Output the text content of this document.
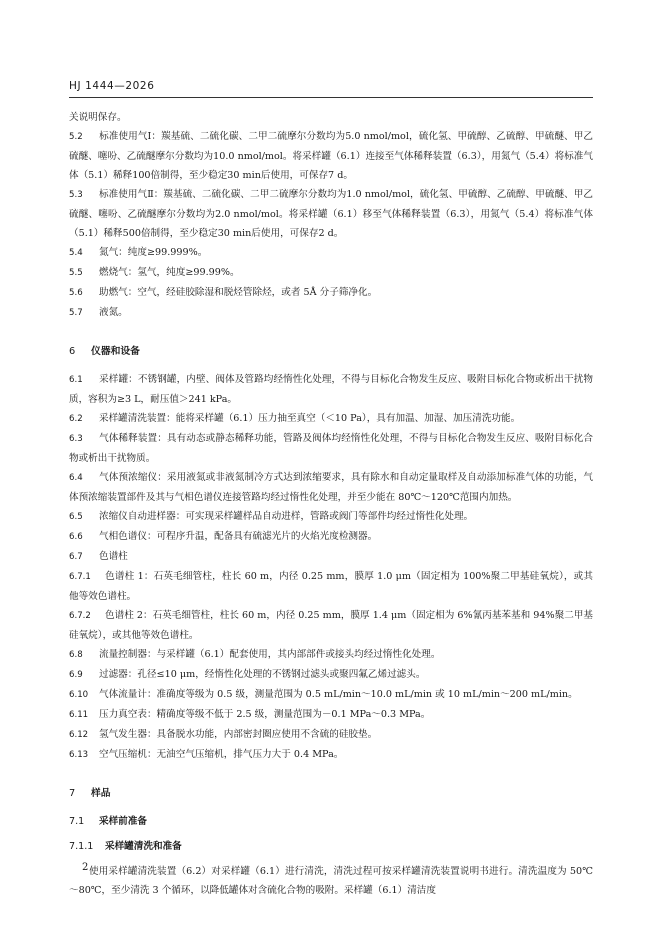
HJ 1444—2026

关说明保存。

5.2 标准使用气Ⅰ：羰基硫、二硫化碳、二甲二硫摩尔分数均为5.0 nmol/mol，硫化氢、甲硫醇、乙硫醇、甲硫醚、甲乙硫醚、噻吩、乙硫醚摩尔分数均为10.0 nmol/mol。将采样罐（6.1）连接至气体稀释装置（6.3），用氮气（5.4）将标准气体（5.1）稀释100倍制得，至少稳定30 min后使用，可保存7 d。

5.3 标准使用气Ⅱ：羰基硫、二硫化碳、二甲二硫摩尔分数均为1.0 nmol/mol，硫化氢、甲硫醇、乙硫醇、甲硫醚、甲乙硫醚、噻吩、乙硫醚摩尔分数均为2.0 nmol/mol。将采样罐（6.1）移至气体稀释装置（6.3），用氮气（5.4）将标准气体（5.1）稀释500倍制得，至少稳定30 min后使用，可保存2 d。

5.4 氮气：纯度≥99.999%。

5.5 燃烧气：氢气，纯度≥99.99%。

5.6 助燃气：空气，经硅胶除湿和脱烃管除烃，或者 5Å 分子筛净化。

5.7 液氮。

6 仪器和设备

6.1 采样罐：不锈钢罐，内壁、阀体及管路均经惰性化处理，不得与目标化合物发生反应、吸附目标化合物或析出干扰物质，容积为≥3 L，耐压值＞241 kPa。

6.2 采样罐清洗装置：能将采样罐（6.1）压力抽至真空（＜10 Pa），具有加温、加湿、加压清洗功能。

6.3 气体稀释装置：具有动态或静态稀释功能，管路及阀体均经惰性化处理，不得与目标化合物发生反应、吸附目标化合物或析出干扰物质。

6.4 气体预浓缩仪：采用液氮或非液氮制冷方式达到浓缩要求，具有除水和自动定量取样及自动添加标准气体的功能，气体预浓缩装置部件及其与气相色谱仪连接管路均经过惰性化处理，并至少能在 80℃～120℃范围内加热。

6.5 浓缩仪自动进样器：可实现采样罐样品自动进样，管路或阀门等部件均经过惰性化处理。

6.6 气相色谱仪：可程序升温，配备具有硫滤光片的火焰光度检测器。

6.7 色谱柱

6.7.1 色谱柱 1：石英毛细管柱，柱长 60 m，内径 0.25 mm，膜厚 1.0 μm（固定相为 100%聚二甲基硅氧烷），或其他等效色谱柱。

6.7.2 色谱柱 2：石英毛细管柱，柱长 60 m，内径 0.25 mm，膜厚 1.4 μm（固定相为 6%氰丙基苯基和 94%聚二甲基硅氧烷），或其他等效色谱柱。

6.8 流量控制器：与采样罐（6.1）配套使用，其内部部件或接头均经过惰性化处理。

6.9 过滤器：孔径≤10 μm，经惰性化处理的不锈钢过滤头或聚四氟乙烯过滤头。

6.10 气体流量计：准确度等级为 0.5 级，测量范围为 0.5 mL/min～10.0 mL/min 或 10 mL/min～200 mL/min。

6.11 压力真空表：精确度等级不低于 2.5 级，测量范围为－0.1 MPa～0.3 MPa。

6.12 氢气发生器：具备脱水功能，内部密封圈应使用不含硫的硅胶垫。

6.13 空气压缩机：无油空气压缩机，排气压力大于 0.4 MPa。

7 样品

7.1 采样前准备

7.1.1 采样罐清洗和准备

使用采样罐清洗装置（6.2）对采样罐（6.1）进行清洗，清洗过程可按采样罐清洗装置说明书进行。清洗温度为 50℃～80℃，至少清洗 3 个循环，以降低罐体对含硫化合物的吸附。采样罐（6.1）清洁度

2
